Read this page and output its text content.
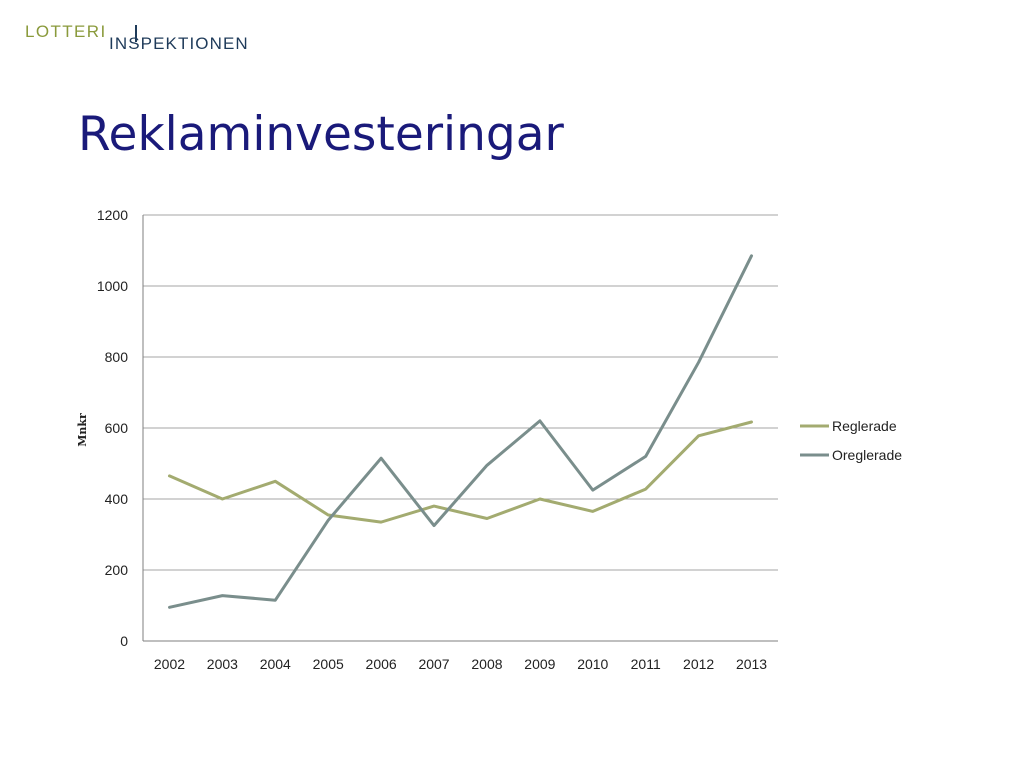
LOTTERI
INSPEKTIONEN
Reklaminvesteringar
0
200
400
600
800
1000
1200
2002 2003 2004 2005 2006 2007 2008 2009 2010 2011 2012 2013
Reglerade
Oreglerade
Mnkr
